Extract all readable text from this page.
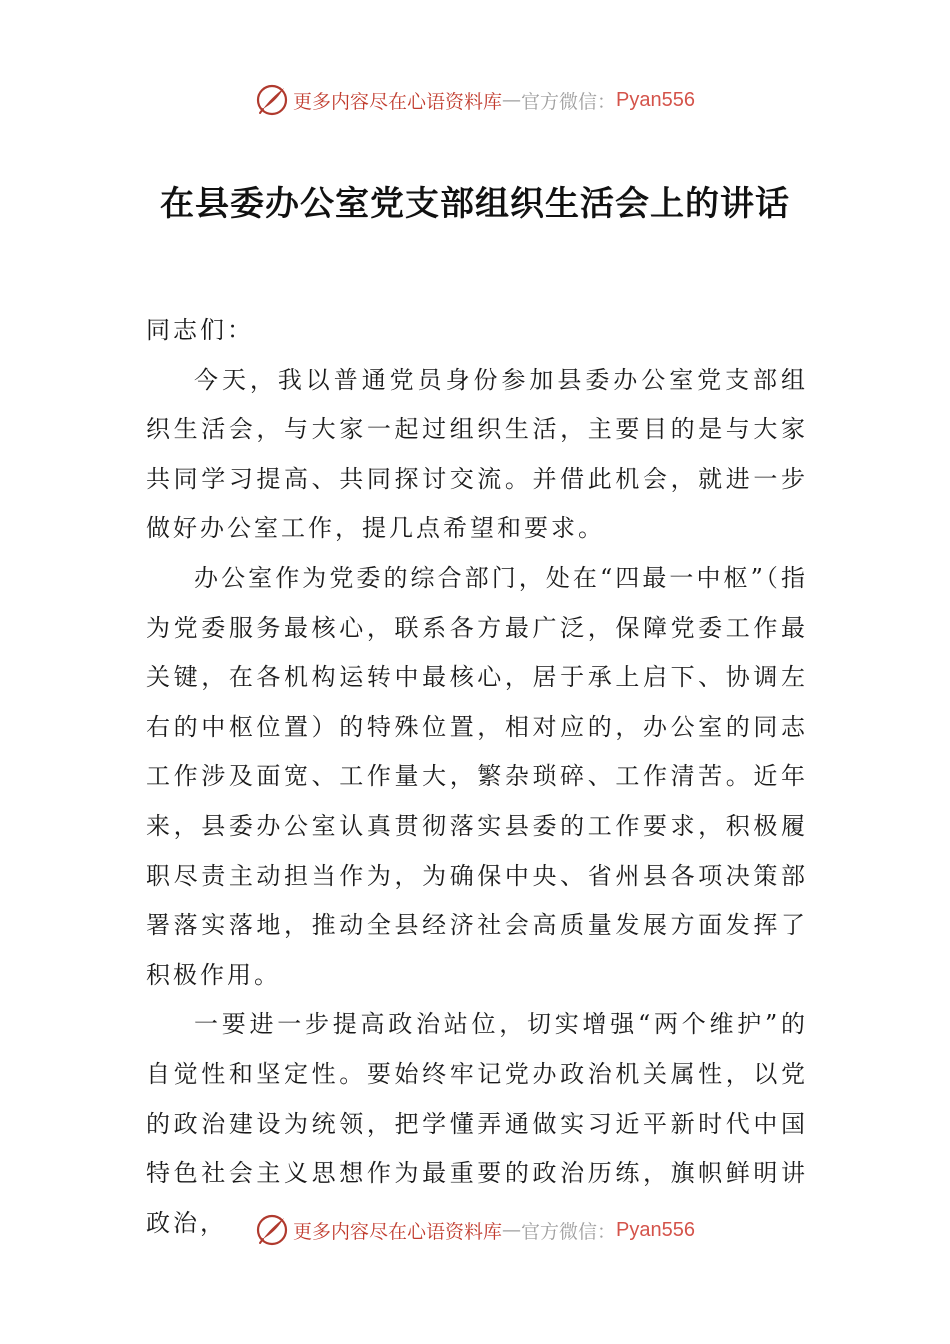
更多内容尽在心语资料库 — 官方微信： Pyan556
在县委办公室党支部组织生活会上的讲话

同志们：

今天，我以普通党员身份参加县委办公室党支部组织生活会，与大家一起过组织生活，主要目的是与大家共同学习提高、共同探讨交流。并借此机会，就进一步做好办公室工作，提几点希望和要求。

办公室作为党委的综合部门，处在“四最一中枢”（指为党委服务最核心，联系各方最广泛，保障党委工作最关键，在各机构运转中最核心，居于承上启下、协调左右的中枢位置）的特殊位置，相对应的，办公室的同志工作涉及面宽、工作量大，繁杂琐碎、工作清苦。近年来，县委办公室认真贯彻落实县委的工作要求，积极履职尽责主动担当作为，为确保中央、省州县各项决策部署落实落地，推动全县经济社会高质量发展方面发挥了积极作用。

一要进一步提高政治站位，切实增强“两个维护”的自觉性和坚定性。要始终牢记党办政治机关属性，以党的政治建设为统领，把学懂弄通做实习近平新时代中国特色社会主义思想作为最重要的政治历练，旗帜鲜明讲政治，	更多内容尽在心语资料库 — 官方微信： Pyan556
